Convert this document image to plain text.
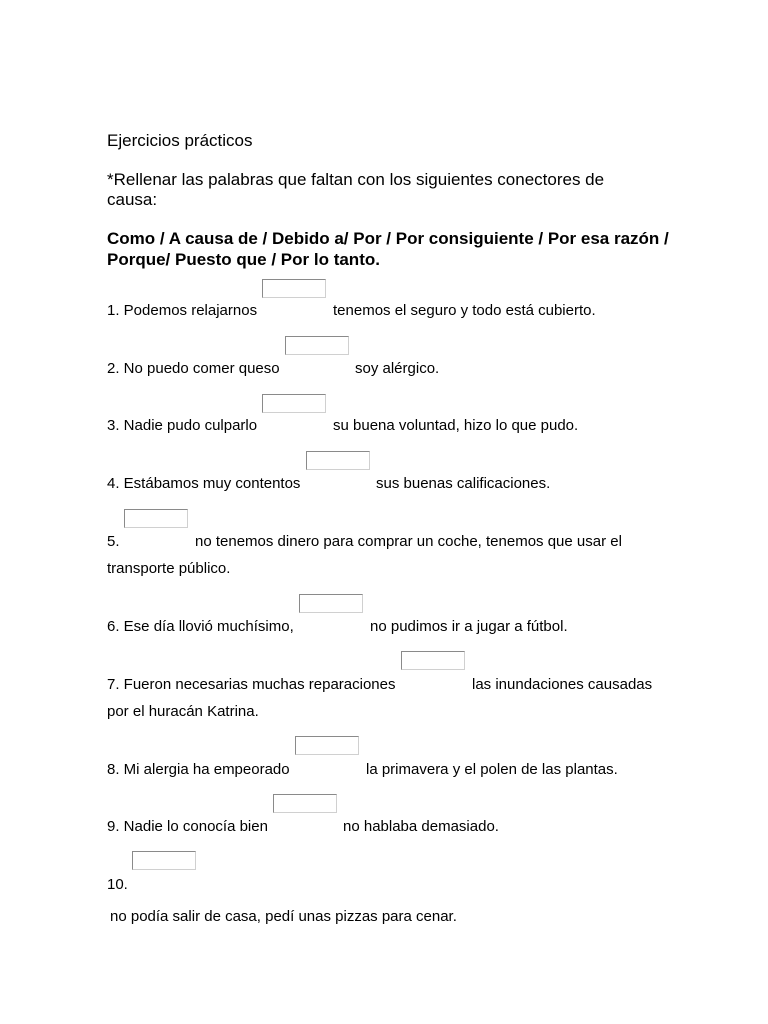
Ejercicios prácticos
*Rellenar las palabras que faltan con los siguientes conectores de causa:
Como / A causa de / Debido a/ Por / Por consiguiente / Por esa razón / Porque/ Puesto que / Por lo tanto.
1. Podemos relajarnos	tenemos el seguro y todo está cubierto.
2. No puedo comer queso	soy alérgico.
3. Nadie pudo culparlo	su buena voluntad, hizo lo que pudo.
4. Estábamos muy contentos	sus buenas calificaciones.
5.	no tenemos dinero para comprar un coche, tenemos que usar el
transporte público.
6. Ese día llovió muchísimo,	no pudimos ir a jugar a fútbol.
7. Fueron necesarias muchas reparaciones	las inundaciones causadas
por el huracán Katrina.
8. Mi alergia ha empeorado	la primavera y el polen de las plantas.
9. Nadie lo conocía bien	no hablaba demasiado.
10.
no podía salir de casa, pedí unas pizzas para cenar.
